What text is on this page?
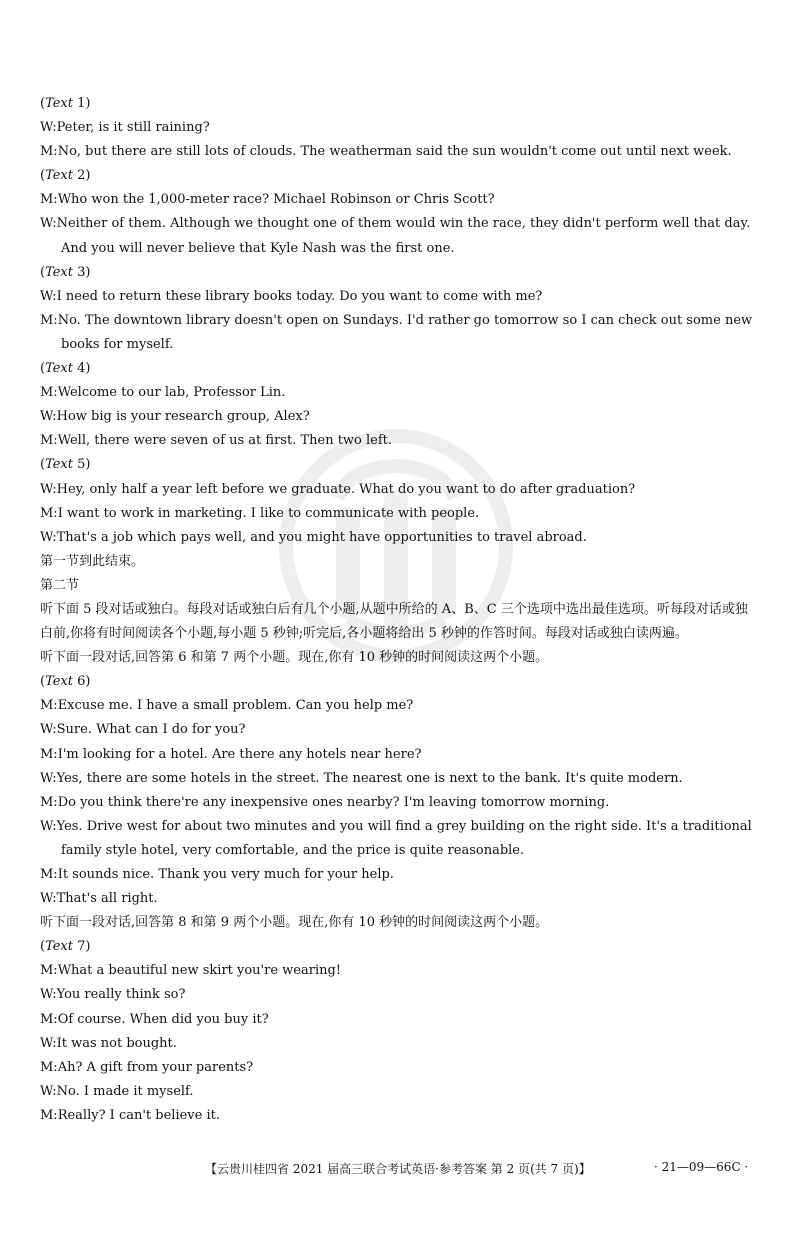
(Text 1)

W:Peter, is it still raining?

M:No, but there are still lots of clouds. The weatherman said the sun wouldn't come out until next week.

(Text 2)

M:Who won the 1,000-meter race? Michael Robinson or Chris Scott?

W:Neither of them. Although we thought one of them would win the race, they didn't perform well that day. And you will never believe that Kyle Nash was the first one.

(Text 3)

W:I need to return these library books today. Do you want to come with me?

M:No. The downtown library doesn't open on Sundays. I'd rather go tomorrow so I can check out some new books for myself.

(Text 4)

M:Welcome to our lab, Professor Lin.

W:How big is your research group, Alex?

M:Well, there were seven of us at first. Then two left.

(Text 5)

W:Hey, only half a year left before we graduate. What do you want to do after graduation?

M:I want to work in marketing. I like to communicate with people.

W:That's a job which pays well, and you might have opportunities to travel abroad.

第一节到此结束。

第二节

听下面 5 段对话或独白。每段对话或独白后有几个小题,从题中所给的 A、B、C 三个选项中选出最佳选项。听每段对话或独白前,你将有时间阅读各个小题,每小题 5 秒钟;听完后,各小题将给出 5 秒钟的作答时间。每段对话或独白读两遍。

听下面一段对话,回答第 6 和第 7 两个小题。现在,你有 10 秒钟的时间阅读这两个小题。

(Text 6)

M:Excuse me. I have a small problem. Can you help me?

W:Sure. What can I do for you?

M:I'm looking for a hotel. Are there any hotels near here?

W:Yes, there are some hotels in the street. The nearest one is next to the bank. It's quite modern.

M:Do you think there're any inexpensive ones nearby? I'm leaving tomorrow morning.

W:Yes. Drive west for about two minutes and you will find a grey building on the right side. It's a traditional family style hotel, very comfortable, and the price is quite reasonable.

M:It sounds nice. Thank you very much for your help.

W:That's all right.

听下面一段对话,回答第 8 和第 9 两个小题。现在,你有 10 秒钟的时间阅读这两个小题。

(Text 7)

M:What a beautiful new skirt you're wearing!

W:You really think so?

M:Of course. When did you buy it?

W:It was not bought.

M:Ah? A gift from your parents?

W:No. I made it myself.

M:Really? I can't believe it.

【云贵川桂四省 2021 届高三联合考试英语·参考答案 第 2 页(共 7 页)】	· 21—09—66C ·
